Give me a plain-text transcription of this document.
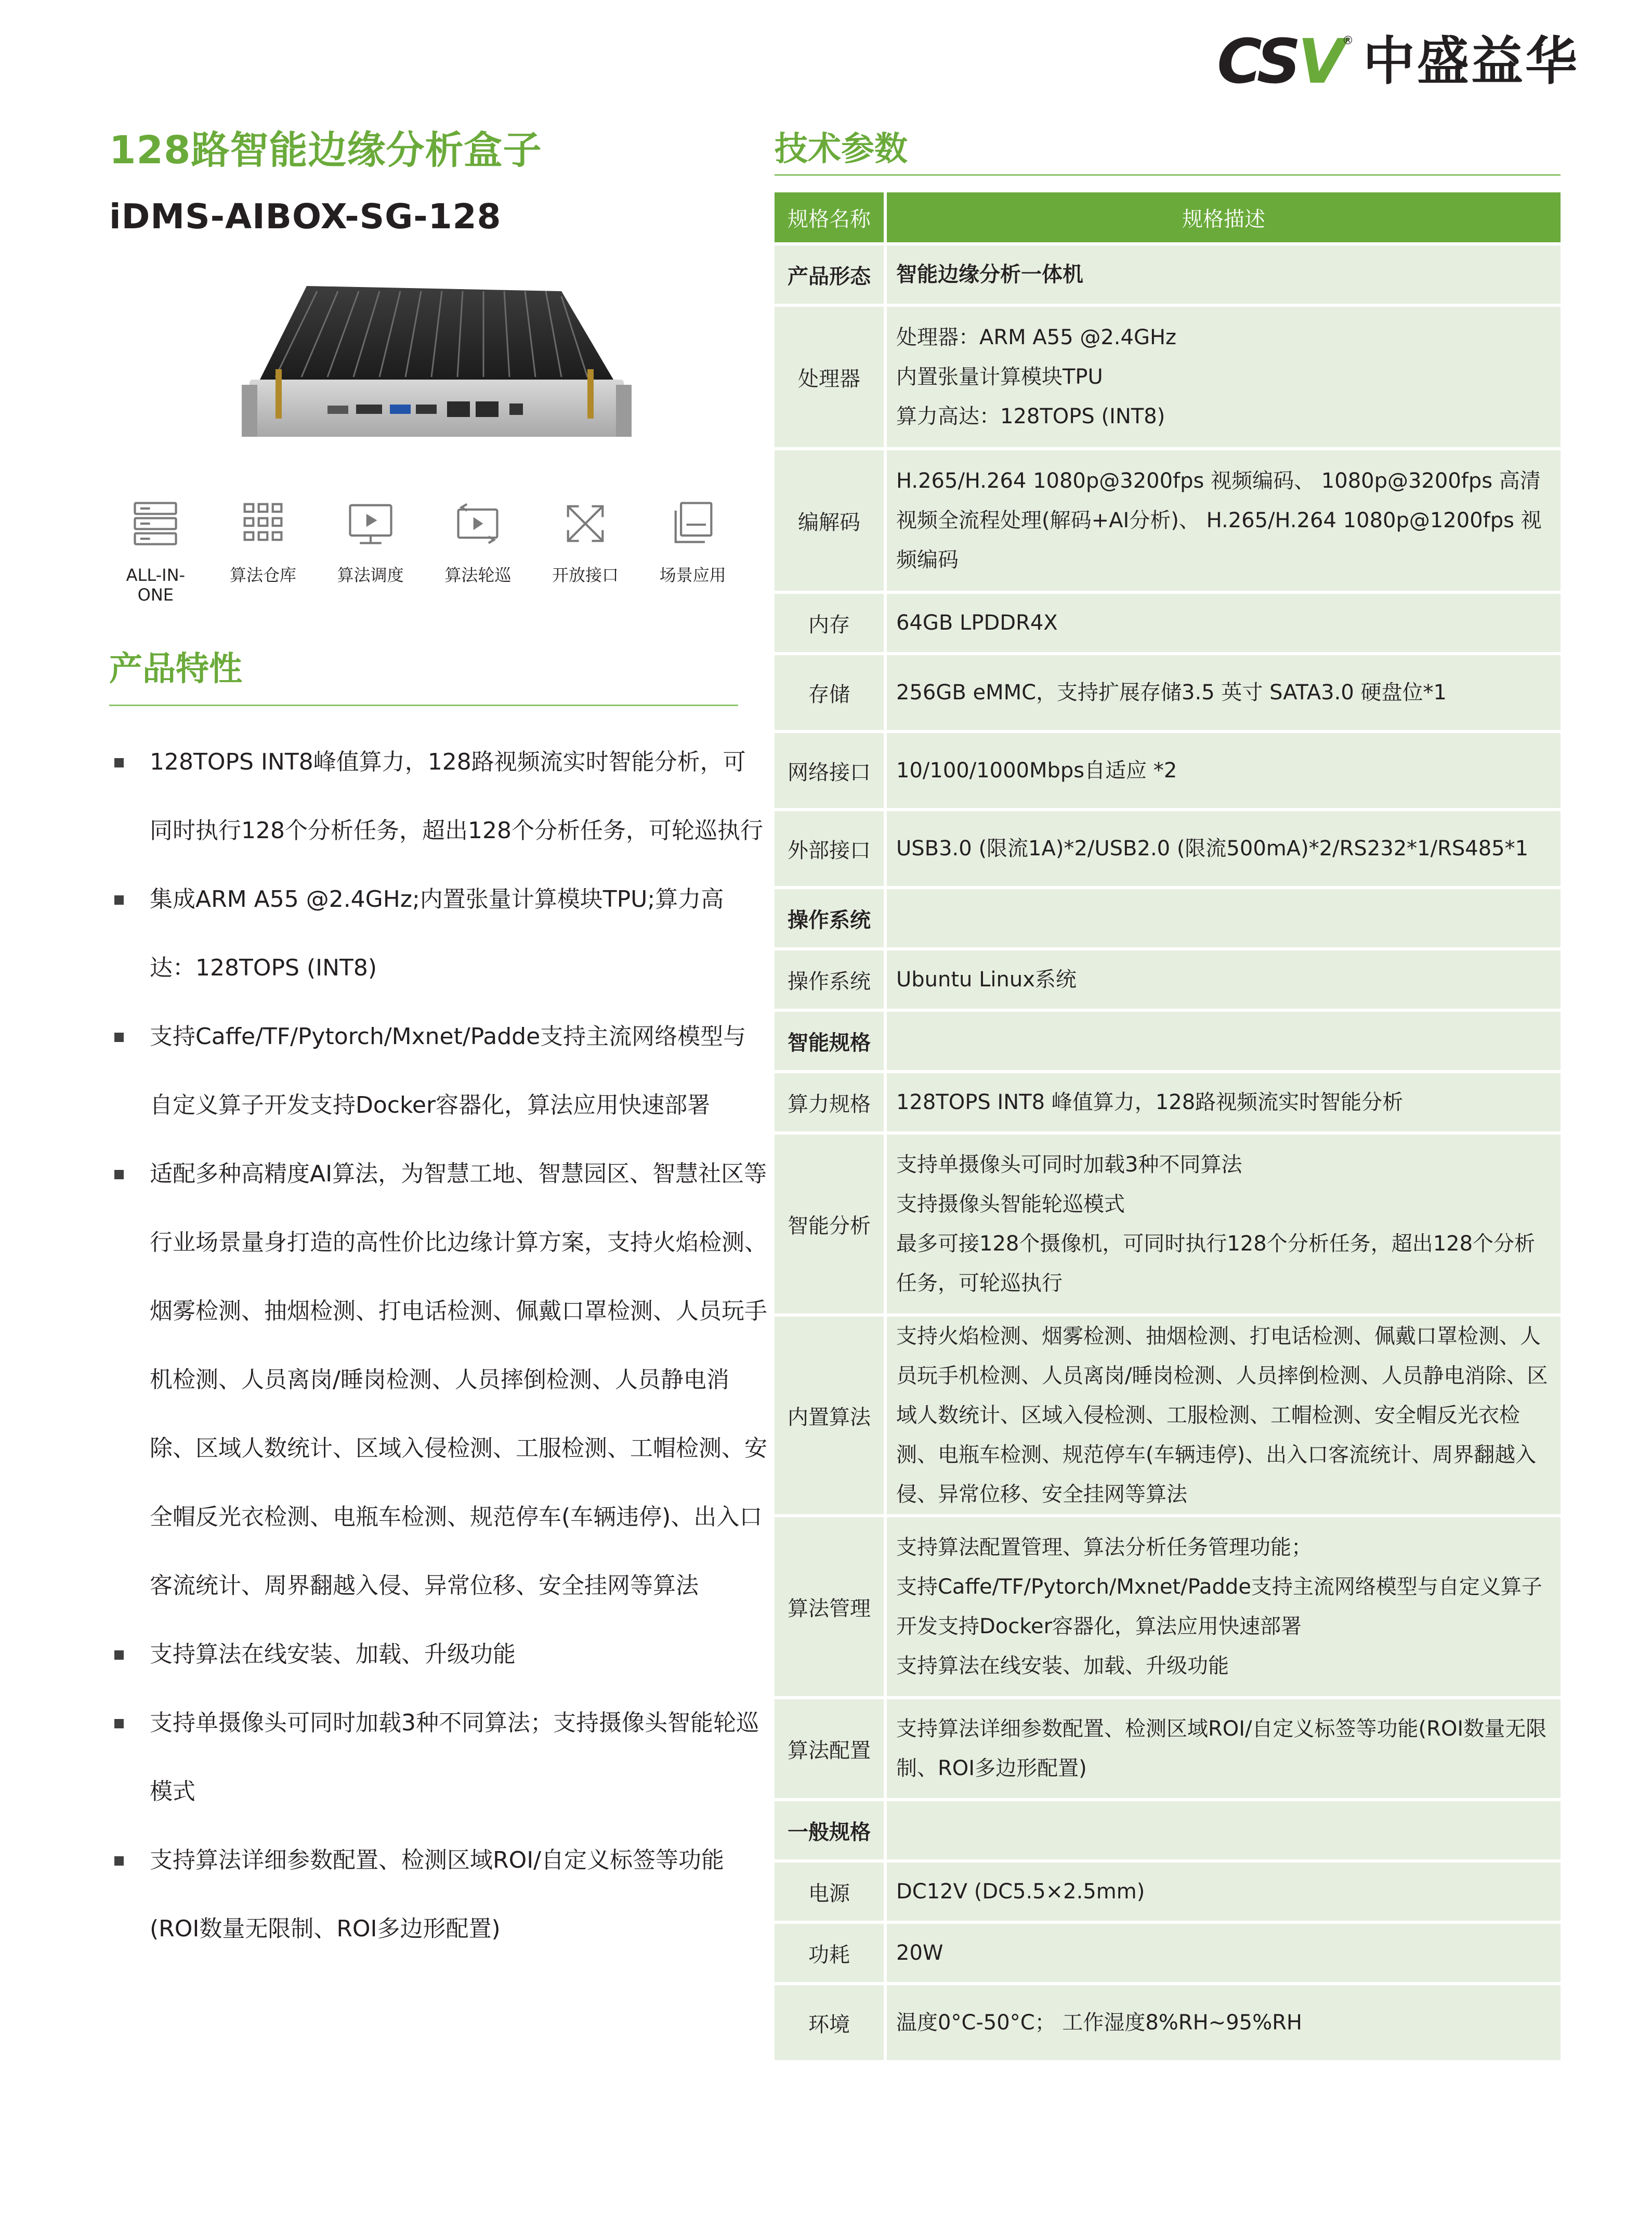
CSV ® 中盛益华
128路智能边缘分析盒子
iDMS-AIBOX-SG-128
ALL-IN-ONE
算法仓库	算法调度	算法轮巡	开放接口	场景应用
产品特性
128TOPS INT8峰值算力，128路视频流实时智能分析，可同时执行128个分析任务，超出128个分析任务，可轮巡执行
集成ARM A55 @2.4GHz;内置张量计算模块TPU;算力高达：128TOPS (INT8)
支持Caffe/TF/Pytorch/Mxnet/Padde支持主流网络模型与自定义算子开发支持Docker容器化，算法应用快速部署
适配多种高精度AI算法，为智慧工地、智慧园区、智慧社区等行业场景量身打造的高性价比边缘计算方案，支持火焰检测、烟雾检测、抽烟检测、打电话检测、佩戴口罩检测、人员玩手机检测、人员离岗/睡岗检测、人员摔倒检测、人员静电消除、区域人数统计、区域入侵检测、工服检测、工帽检测、安全帽反光衣检测、电瓶车检测、规范停车(车辆违停)、出入口客流统计、周界翻越入侵、异常位移、安全挂网等算法
支持算法在线安装、加载、升级功能
支持单摄像头可同时加载3种不同算法；支持摄像头智能轮巡模式
支持算法详细参数配置、检测区域ROI/自定义标签等功能(ROI数量无限制、ROI多边形配置)
技术参数
规格名称	规格描述
产品形态	智能边缘分析一体机

处理器	处理器：ARM A55 @2.4GHz
内置张量计算模块TPU
算力高达：128TOPS (INT8)

编解码	H.265/H.264 1080p@3200fps 视频编码、 1080p@3200fps 高清视频全流程处理(解码+AI分析)、 H.265/H.264 1080p@1200fps 视频编码

内存	64GB LPDDR4X

存储	256GB eMMC，支持扩展存储3.5 英寸 SATA3.0 硬盘位*1

网络接口	10/100/1000Mbps自适应 *2

外部接口	USB3.0 (限流1A)*2/USB2.0 (限流500mA)*2/RS232*1/RS485*1

操作系统	
操作系统	Ubuntu Linux系统

智能规格	
算力规格	128TOPS INT8 峰值算力，128路视频流实时智能分析

智能分析	支持单摄像头可同时加载3种不同算法
支持摄像头智能轮巡模式
最多可接128个摄像机，可同时执行128个分析任务，超出128个分析任务，可轮巡执行

内置算法	支持火焰检测、烟雾检测、抽烟检测、打电话检测、佩戴口罩检测、人员玩手机检测、人员离岗/睡岗检测、人员摔倒检测、人员静电消除、区域人数统计、区域入侵检测、工服检测、工帽检测、安全帽反光衣检测、电瓶车检测、规范停车(车辆违停)、出入口客流统计、周界翻越入侵、异常位移、安全挂网等算法

算法管理	支持算法配置管理、算法分析任务管理功能；
支持Caffe/TF/Pytorch/Mxnet/Padde支持主流网络模型与自定义算子开发支持Docker容器化，算法应用快速部署
支持算法在线安装、加载、升级功能

算法配置	支持算法详细参数配置、检测区域ROI/自定义标签等功能(ROI数量无限制、ROI多边形配置)

一般规格	
电源	DC12V (DC5.5×2.5mm)

功耗	20W

环境	温度0°C-50°C； 工作湿度8%RH~95%RH
